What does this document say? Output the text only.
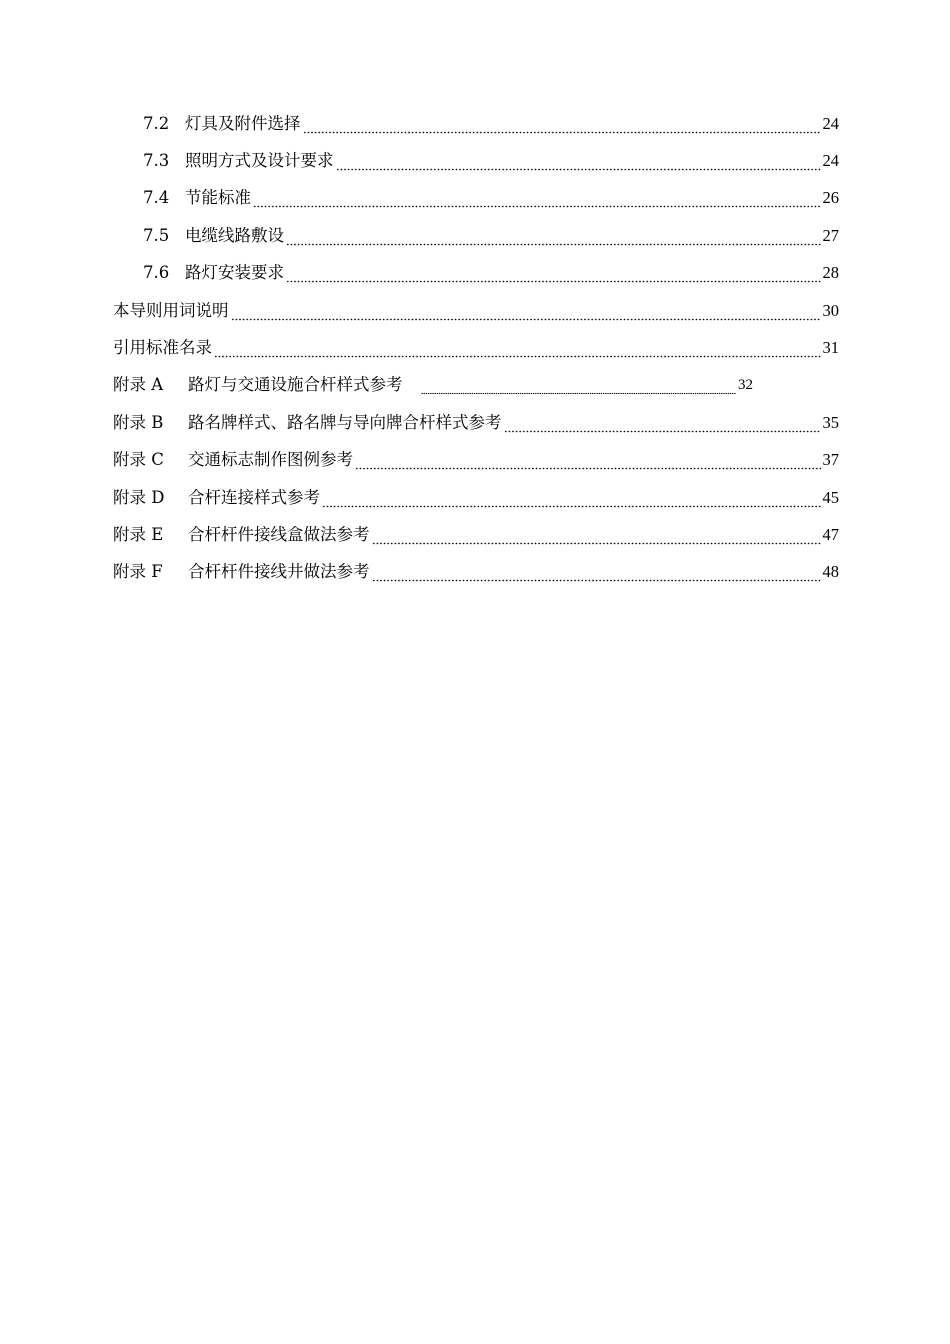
7.2 灯具及附件选择	24
7.3 照明方式及设计要求	24
7.4 节能标准	26
7.5 电缆线路敷设	27
7.6 路灯安装要求	28
本导则用词说明	30
引用标准名录	31
附录 A	路灯与交通设施合杆样式参考	32
附录 B	路名牌样式、路名牌与导向牌合杆样式参考	35
附录 C	交通标志制作图例参考	37
附录 D	合杆连接样式参考	45
附录 E	合杆杆件接线盒做法参考	47
附录 F	合杆杆件接线井做法参考	48
